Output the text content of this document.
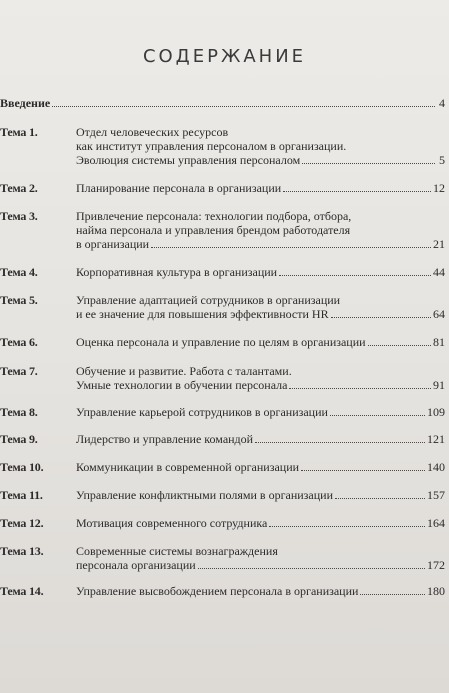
СОДЕРЖАНИЕ
Введение	4
Тема 1.	Отдел человеческих ресурсов
как институт управления персоналом в организации.
Эволюция системы управления персоналом	5
Тема 2.	Планирование персонала в организации	12
Тема 3.	Привлечение персонала: технологии подбора, отбора,
найма персонала и управления брендом работодателя
в организации	21
Тема 4.	Корпоративная культура в организации	44
Тема 5.	Управление адаптацией сотрудников в организации
и ее значение для повышения эффективности HR	64
Тема 6.	Оценка персонала и управление по целям в организации	81
Тема 7.	Обучение и развитие. Работа с талантами.
Умные технологии в обучении персонала	91
Тема 8.	Управление карьерой сотрудников в организации	109
Тема 9.	Лидерство и управление командой	121
Тема 10.	Коммуникации в современной организации	140
Тема 11.	Управление конфликтными полями в организации	157
Тема 12.	Мотивация современного сотрудника	164
Тема 13.	Современные системы вознаграждения
персонала организации	172
Тема 14.	Управление высвобождением персонала в организации	180
